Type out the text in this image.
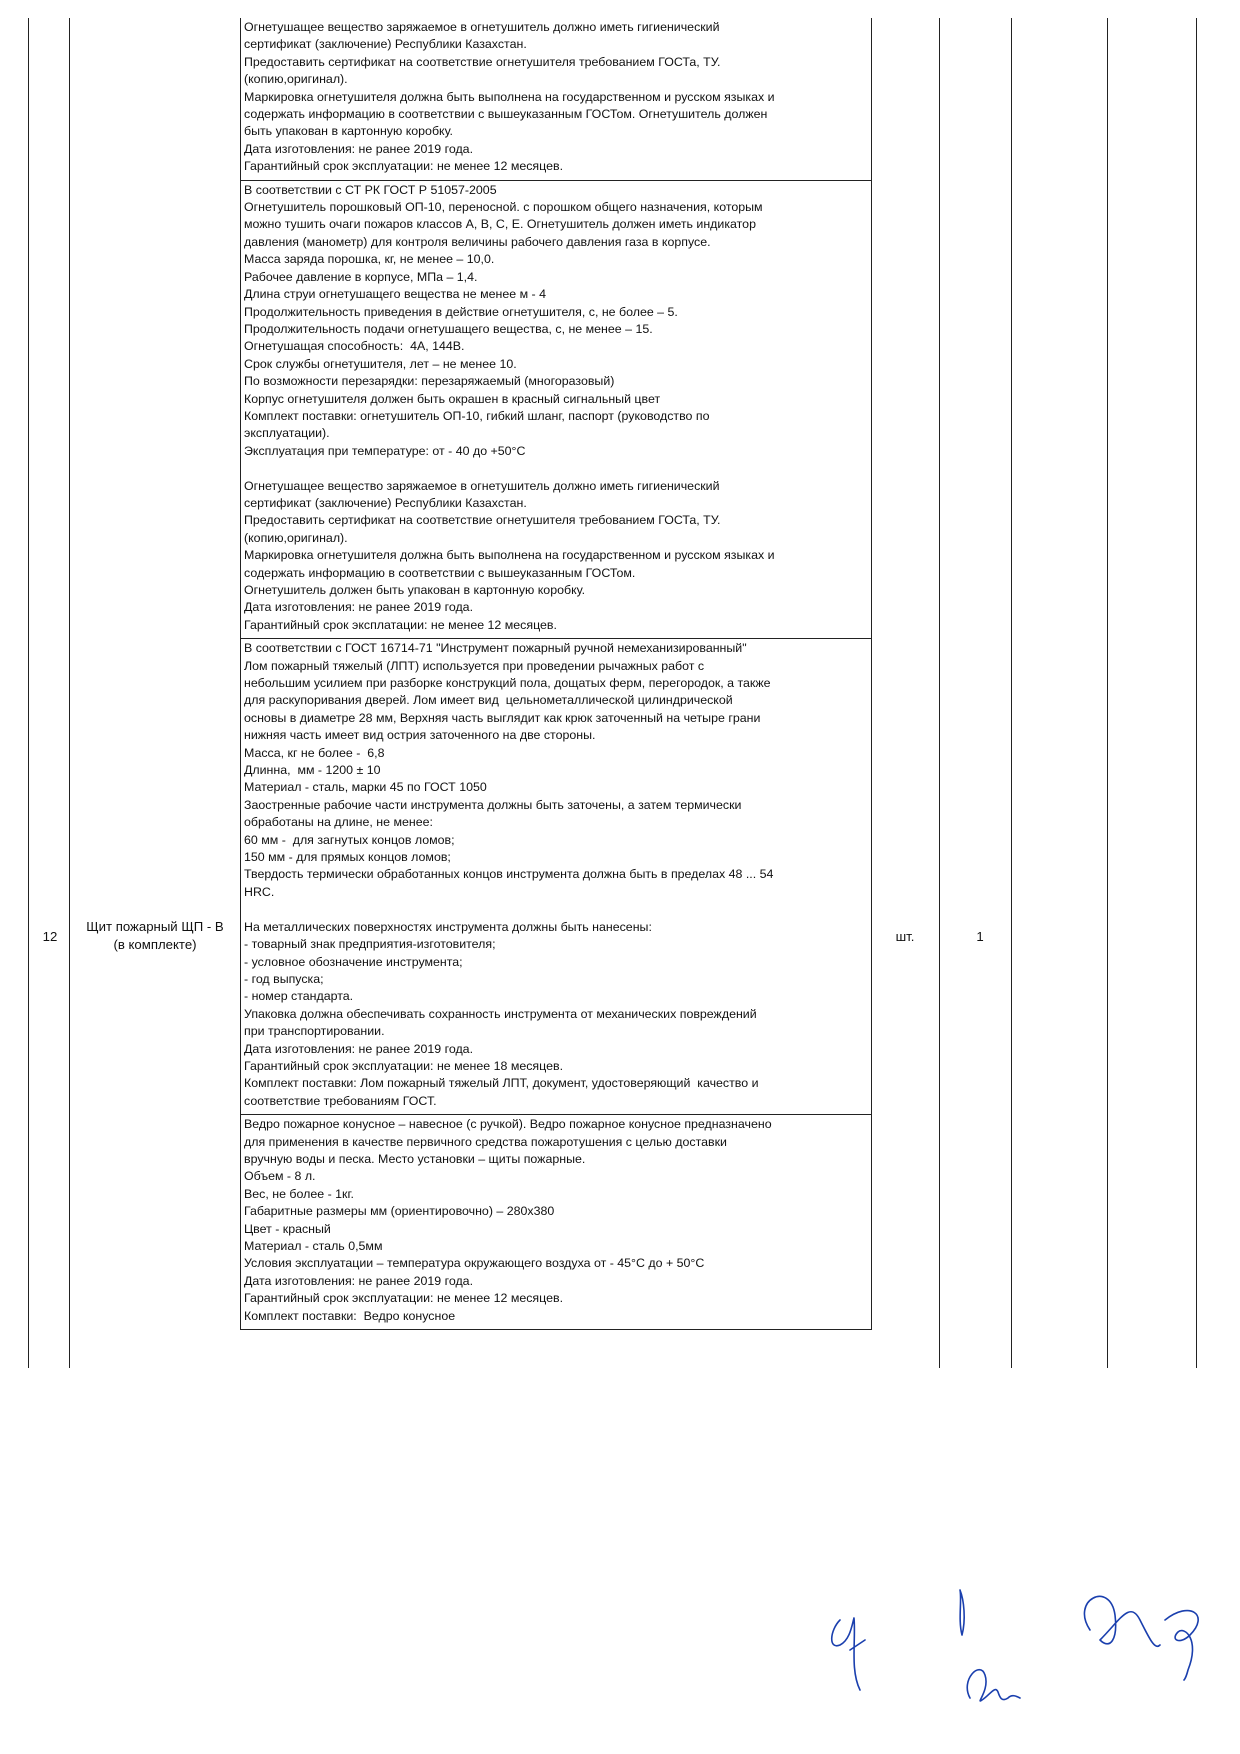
12
Щит пожарный ЩП - В
(в комплекте)
шт.	1
Огнетушащее вещество заряжаемое в огнетушитель должно иметь гигиенический
сертификат (заключение) Республики Казахстан.
Предоставить сертификат на соответствие огнетушителя требованием ГОСТа, ТУ.
(копию,оригинал).
Маркировка огнетушителя должна быть выполнена на государственном и русском языках и
содержать информацию в соответствии с вышеуказанным ГОСТом. Огнетушитель должен
быть упакован в картонную коробку.
Дата изготовления: не ранее 2019 года.
Гарантийный срок эксплуатации: не менее 12 месяцев.
В соответствии с СТ РК ГОСТ Р 51057-2005
Огнетушитель порошковый ОП-10, переносной. с порошком общего назначения, которым
можно тушить очаги пожаров классов А, В, С, Е. Огнетушитель должен иметь индикатор
давления (манометр) для контроля величины рабочего давления газа в корпусе.
Масса заряда порошка, кг, не менее – 10,0.
Рабочее давление в корпусе, МПа – 1,4.
Длина струи огнетушащего вещества не менее м - 4
Продолжительность приведения в действие огнетушителя, с, не более – 5.
Продолжительность подачи огнетушащего вещества, с, не менее – 15.
Огнетушащая способность:  4А, 144В.
Срок службы огнетушителя, лет – не менее 10.
По возможности перезарядки: перезаряжаемый (многоразовый)
Корпус огнетушителя должен быть окрашен в красный сигнальный цвет
Комплект поставки: огнетушитель ОП-10, гибкий шланг, паспорт (руководство по
эксплуатации).
Эксплуатация при температуре: от - 40 до +50°С
Огнетушащее вещество заряжаемое в огнетушитель должно иметь гигиенический
сертификат (заключение) Республики Казахстан.
Предоставить сертификат на соответствие огнетушителя требованием ГОСТа, ТУ.
(копию,оригинал).
Маркировка огнетушителя должна быть выполнена на государственном и русском языках и
содержать информацию в соответствии с вышеуказанным ГОСТом.
Огнетушитель должен быть упакован в картонную коробку.
Дата изготовления: не ранее 2019 года.
Гарантийный срок эксплатации: не менее 12 месяцев.
В соответствии с ГОСТ 16714-71 "Инструмент пожарный ручной немеханизированный"
Лом пожарный тяжелый (ЛПТ) используется при проведении рычажных работ с
небольшим усилием при разборке конструкций пола, дощатых ферм, перегородок, а также
для раскупоривания дверей. Лом имеет вид  цельнометаллической цилиндрической
основы в диаметре 28 мм, Верхняя часть выглядит как крюк заточенный на четыре грани
нижняя часть имеет вид острия заточенного на две стороны.
Масса, кг не более -  6,8
Длинна,  мм - 1200 ± 10
Материал - сталь, марки 45 по ГОСТ 1050
Заостренные рабочие части инструмента должны быть заточены, а затем термически
обработаны на длине, не менее:
60 мм -  для загнутых концов ломов;
150 мм - для прямых концов ломов;
Твердость термически обработанных концов инструмента должна быть в пределах 48 ... 54
HRC.
На металлических поверхностях инструмента должны быть нанесены:
- товарный знак предприятия-изготовителя;
- условное обозначение инструмента;
- год выпуска;
- номер стандарта.
Упаковка должна обеспечивать сохранность инструмента от механических повреждений
при транспортировании.
Дата изготовления: не ранее 2019 года.
Гарантийный срок эксплуатации: не менее 18 месяцев.
Комплект поставки: Лом пожарный тяжелый ЛПТ, документ, удостоверяющий  качество и
соответствие требованиям ГОСТ.
Ведро пожарное конусное – навесное (с ручкой). Ведро пожарное конусное предназначено
для применения в качестве первичного средства пожаротушения с целью доставки
вручную воды и песка. Место установки – щиты пожарные.
Объем - 8 л.
Вес, не более - 1кг.
Габаритные размеры мм (ориентировочно) – 280х380
Цвет - красный
Материал - сталь 0,5мм
Условия эксплуатации – температура окружающего воздуха от - 45°С до + 50°С
Дата изготовления: не ранее 2019 года.
Гарантийный срок эксплуатации: не менее 12 месяцев.
Комплект поставки:  Ведро конусное
